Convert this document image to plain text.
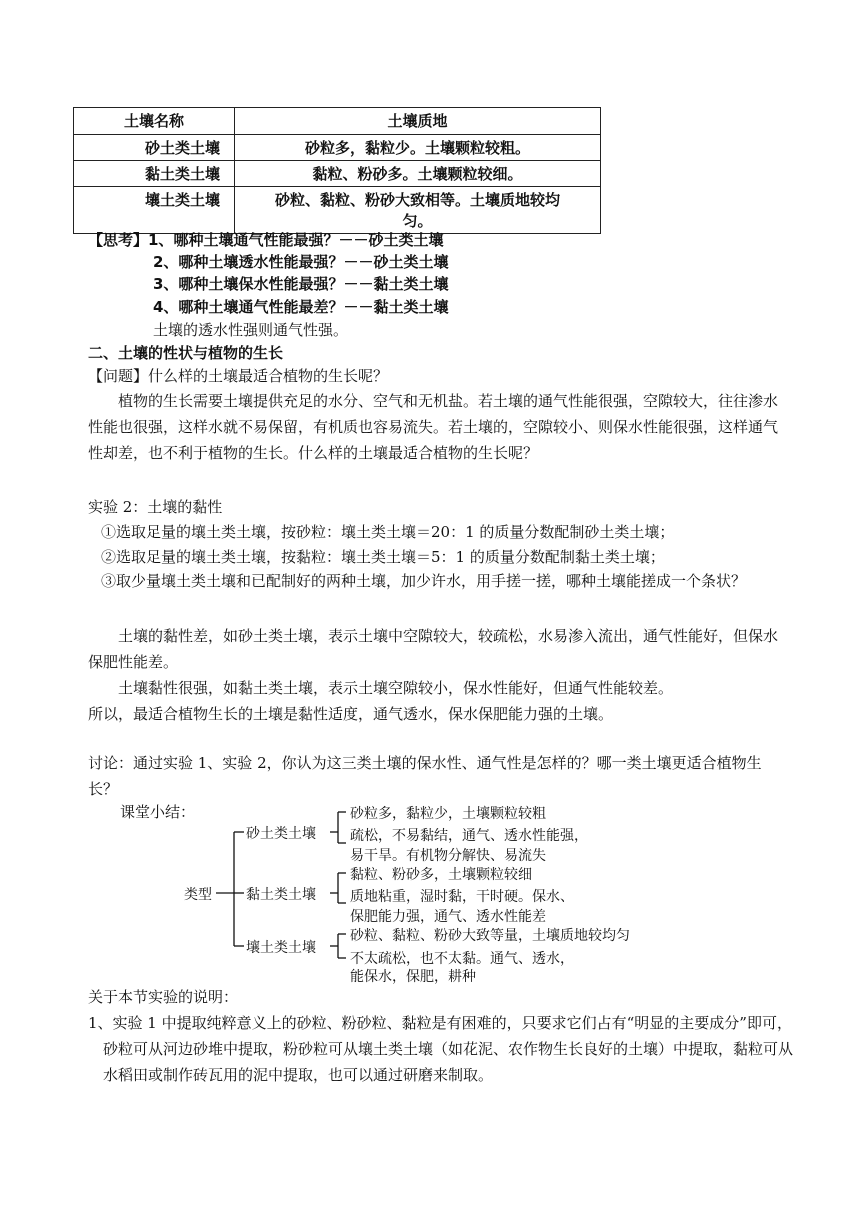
土壤名称	土壤质地
砂土类土壤	砂粒多，黏粒少。土壤颗粒较粗。
黏土类土壤	黏粒、粉砂多。土壤颗粒较细。
壤土类土壤	砂粒、黏粒、粉砂大致相等。土壤质地较均匀。
【思考】1、哪种土壤通气性能最强？－－砂土类土壤
2、哪种土壤透水性能最强？－－砂土类土壤
3、哪种土壤保水性能最强？－－黏土类土壤
4、哪种土壤通气性能最差？－－黏土类土壤
土壤的透水性强则通气性强。
二、土壤的性状与植物的生长
【问题】什么样的土壤最适合植物的生长呢？
植物的生长需要土壤提供充足的水分、空气和无机盐。若土壤的通气性能很强，空隙较大，往往渗水性能也很强，这样水就不易保留，有机质也容易流失。若土壤的，空隙较小、则保水性能很强，这样通气性却差，也不利于植物的生长。什么样的土壤最适合植物的生长呢？
实验 2：土壤的黏性
①选取足量的壤土类土壤，按砂粒：壤土类土壤＝20：1 的质量分数配制砂土类土壤；
②选取足量的壤土类土壤，按黏粒：壤土类土壤＝5：1 的质量分数配制黏土类土壤；
③取少量壤土类土壤和已配制好的两种土壤，加少许水，用手搓一搓，哪种土壤能搓成一个条状？
土壤的黏性差，如砂土类土壤，表示土壤中空隙较大，较疏松，水易渗入流出，通气性能好，但保水保肥性能差。
土壤黏性很强，如黏土类土壤，表示土壤空隙较小，保水性能好，但通气性能较差。
所以，最适合植物生长的土壤是黏性适度，通气透水，保水保肥能力强的土壤。
讨论：通过实验 1、实验 2，你认为这三类土壤的保水性、通气性是怎样的？哪一类土壤更适合植物生长？
课堂小结：
类型
砂土类土壤
砂粒多，黏粒少，土壤颗粒较粗
疏松，不易黏结，通气、透水性能强，
易干旱。有机物分解快、易流失
黏土类土壤
黏粒、粉砂多，土壤颗粒较细
质地粘重，湿时黏，干时硬。保水、
保肥能力强，通气、透水性能差
壤土类土壤
砂粒、黏粒、粉砂大致等量，土壤质地较均匀
不太疏松，也不太黏。通气、透水，
能保水，保肥，耕种
关于本节实验的说明：
1、实验 1 中提取纯粹意义上的砂粒、粉砂粒、黏粒是有困难的，只要求它们占有“明显的主要成分”即可，砂粒可从河边砂堆中提取，粉砂粒可从壤土类土壤（如花泥、农作物生长良好的土壤）中提取，黏粒可从水稻田或制作砖瓦用的泥中提取，也可以通过研磨来制取。
